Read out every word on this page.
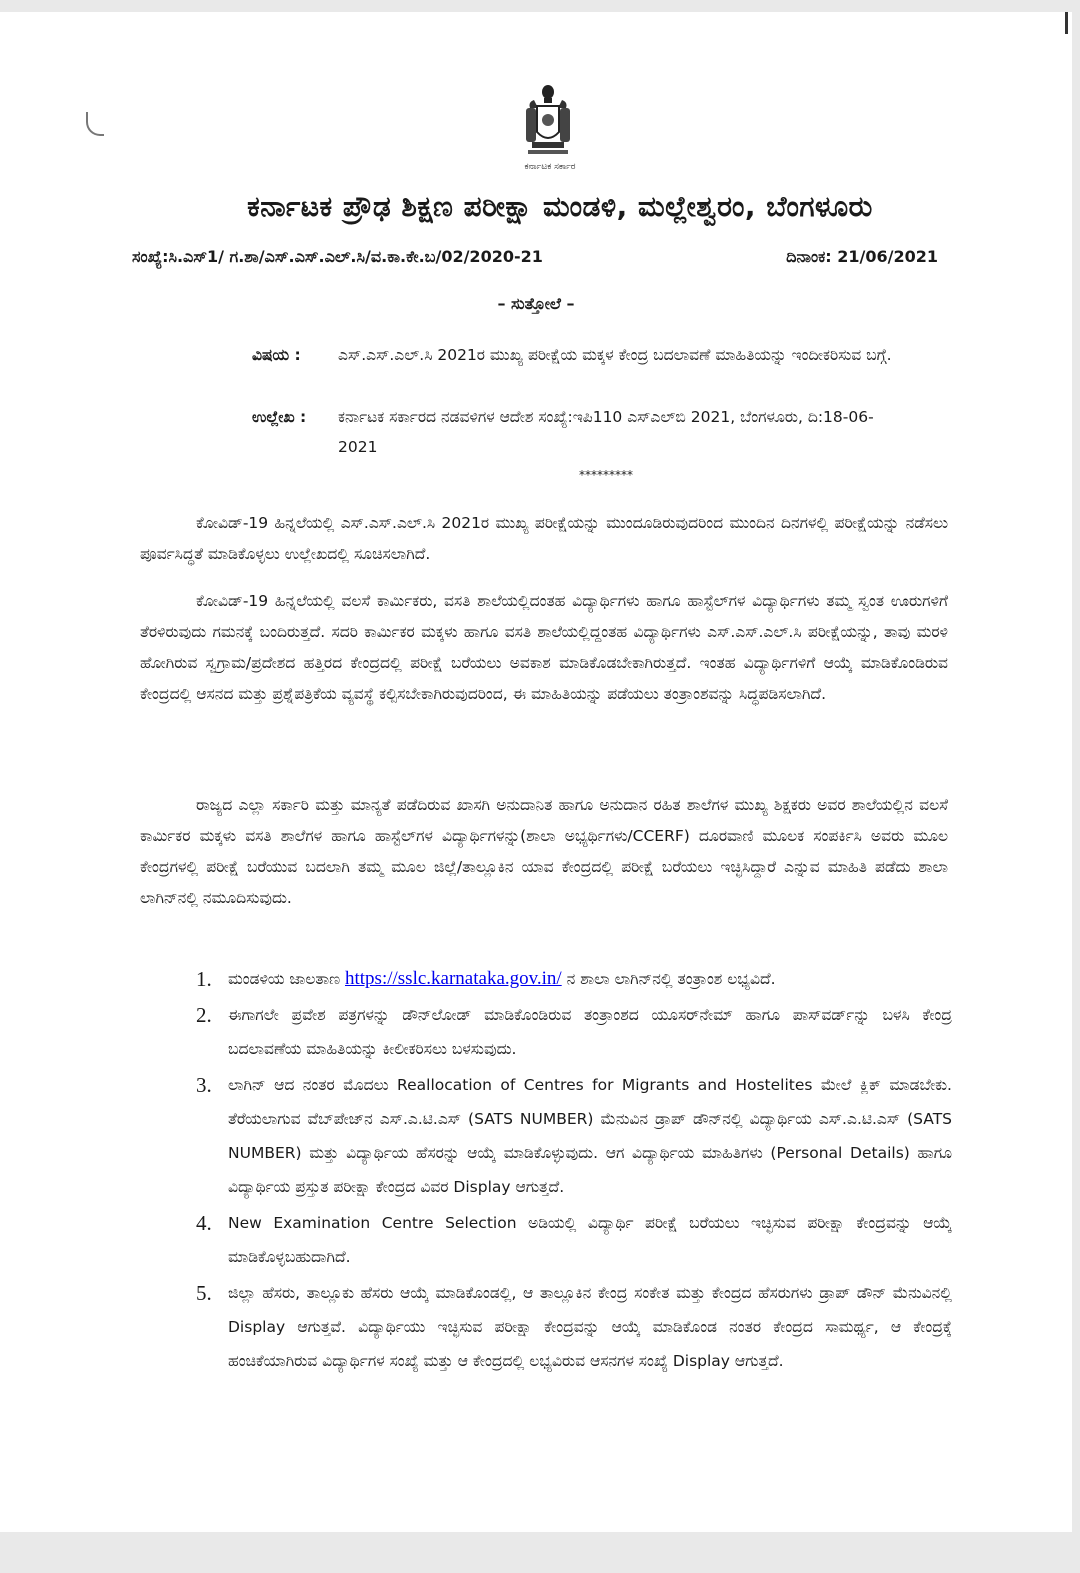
ಕರ್ನಾಟಕ ಸರ್ಕಾರ
ಕರ್ನಾಟಕ ಪ್ರೌಢ ಶಿಕ್ಷಣ ಪರೀಕ್ಷಾ ಮಂಡಳಿ, ಮಲ್ಲೇಶ್ವರಂ, ಬೆಂಗಳೂರು
ಸಂಖ್ಯೆ:ಸಿ.ಎಸ್1/ ಗ.ಶಾ/ಎಸ್.ಎಸ್.ಎಲ್.ಸಿ/ವ.ಕಾ.ಕೇ.ಬ/02/2020-21	ದಿನಾಂಕ: 21/06/2021
– ಸುತ್ತೋಲೆ –
ವಿಷಯ : ಎಸ್.ಎಸ್.ಎಲ್.ಸಿ 2021ರ ಮುಖ್ಯ ಪರೀಕ್ಷೆಯ ಮಕ್ಕಳ ಕೇಂದ್ರ ಬದಲಾವಣೆ ಮಾಹಿತಿಯನ್ನು ಇಂದೀಕರಿಸುವ ಬಗ್ಗೆ.
ಉಲ್ಲೇಖ : ಕರ್ನಾಟಕ ಸರ್ಕಾರದ ನಡವಳಿಗಳ ಆದೇಶ ಸಂಖ್ಯೆ:ಇಪಿ110 ಎಸ್ಎಲ್‌ಬಿ 2021, ಬೆಂಗಳೂರು, ದಿ:18-06-2021
*********

ಕೋವಿಡ್-19 ಹಿನ್ನಲೆಯಲ್ಲಿ ಎಸ್.ಎಸ್.ಎಲ್.ಸಿ 2021ರ ಮುಖ್ಯ ಪರೀಕ್ಷೆಯನ್ನು ಮುಂದೂಡಿರುವುದರಿಂದ ಮುಂದಿನ ದಿನಗಳಲ್ಲಿ ಪರೀಕ್ಷೆಯನ್ನು ನಡೆಸಲು ಪೂರ್ವಸಿದ್ಧತೆ ಮಾಡಿಕೊಳ್ಳಲು ಉಲ್ಲೇಖದಲ್ಲಿ ಸೂಚಿಸಲಾಗಿದೆ.

ಕೋವಿಡ್-19 ಹಿನ್ನಲೆಯಲ್ಲಿ ವಲಸೆ ಕಾರ್ಮಿಕರು, ವಸತಿ ಶಾಲೆಯಲ್ಲಿದಂತಹ ವಿದ್ಯಾರ್ಥಿಗಳು ಹಾಗೂ ಹಾಸ್ಟೆಲ್‌ಗಳ ವಿದ್ಯಾರ್ಥಿಗಳು ತಮ್ಮ ಸ್ವಂತ ಊರುಗಳಿಗೆ ತೆರಳಿರುವುದು ಗಮನಕ್ಕೆ ಬಂದಿರುತ್ತದೆ. ಸದರಿ ಕಾರ್ಮಿಕರ ಮಕ್ಕಳು ಹಾಗೂ ವಸತಿ ಶಾಲೆಯಲ್ಲಿದ್ದಂತಹ ವಿದ್ಯಾರ್ಥಿಗಳು ಎಸ್.ಎಸ್.ಎಲ್.ಸಿ ಪರೀಕ್ಷೆಯನ್ನು, ತಾವು ಮರಳಿ ಹೋಗಿರುವ ಸ್ವಗ್ರಾಮ/ಪ್ರದೇಶದ ಹತ್ತಿರದ ಕೇಂದ್ರದಲ್ಲಿ ಪರೀಕ್ಷೆ ಬರೆಯಲು ಅವಕಾಶ ಮಾಡಿಕೊಡಬೇಕಾಗಿರುತ್ತದೆ. ಇಂತಹ ವಿದ್ಯಾರ್ಥಿಗಳಿಗೆ ಆಯ್ಕೆ ಮಾಡಿಕೊಂಡಿರುವ ಕೇಂದ್ರದಲ್ಲಿ ಆಸನದ ಮತ್ತು ಪ್ರಶ್ನೆಪತ್ರಿಕೆಯ ವ್ಯವಸ್ಥೆ ಕಲ್ಪಿಸಬೇಕಾಗಿರುವುದರಿಂದ, ಈ ಮಾಹಿತಿಯನ್ನು ಪಡೆಯಲು ತಂತ್ರಾಂಶವನ್ನು ಸಿದ್ಧಪಡಿಸಲಾಗಿದೆ.

ರಾಜ್ಯದ ಎಲ್ಲಾ ಸರ್ಕಾರಿ ಮತ್ತು ಮಾನ್ಯತೆ ಪಡೆದಿರುವ ಖಾಸಗಿ ಅನುದಾನಿತ ಹಾಗೂ ಅನುದಾನ ರಹಿತ ಶಾಲೆಗಳ ಮುಖ್ಯ ಶಿಕ್ಷಕರು ಅವರ ಶಾಲೆಯಲ್ಲಿನ ವಲಸೆ ಕಾರ್ಮಿಕರ ಮಕ್ಕಳು ವಸತಿ ಶಾಲೆಗಳ ಹಾಗೂ ಹಾಸ್ಟೆಲ್‌ಗಳ ವಿದ್ಯಾರ್ಥಿಗಳನ್ನು(ಶಾಲಾ ಅಭ್ಯರ್ಥಿಗಳು/CCERF) ದೂರವಾಣಿ ಮೂಲಕ ಸಂಪರ್ಕಿಸಿ ಅವರು ಮೂಲ ಕೇಂದ್ರಗಳಲ್ಲಿ ಪರೀಕ್ಷೆ ಬರೆಯುವ ಬದಲಾಗಿ ತಮ್ಮ ಮೂಲ ಜಿಲ್ಲೆ/ತಾಲ್ಲೂಕಿನ ಯಾವ ಕೇಂದ್ರದಲ್ಲಿ ಪರೀಕ್ಷೆ ಬರೆಯಲು ಇಚ್ಛಿಸಿದ್ದಾರೆ ಎನ್ನುವ ಮಾಹಿತಿ ಪಡೆದು ಶಾಲಾ ಲಾಗಿನ್‌ನಲ್ಲಿ ನಮೂದಿಸುವುದು.

1. ಮಂಡಳಿಯ ಜಾಲತಾಣ https://sslc.karnataka.gov.in/ ನ ಶಾಲಾ ಲಾಗಿನ್‌ನಲ್ಲಿ ತಂತ್ರಾಂಶ ಲಭ್ಯವಿದೆ.
2. ಈಗಾಗಲೇ ಪ್ರವೇಶ ಪತ್ರಗಳನ್ನು ಡೌನ್‌ಲೋಡ್ ಮಾಡಿಕೊಂಡಿರುವ ತಂತ್ರಾಂಶದ ಯೂಸರ್‌ನೇಮ್ ಹಾಗೂ ಪಾಸ್‌ವರ್ಡ್‌ನ್ನು ಬಳಸಿ ಕೇಂದ್ರ ಬದಲಾವಣೆಯ ಮಾಹಿತಿಯನ್ನು ಕೀಲೀಕರಿಸಲು ಬಳಸುವುದು.
3. ಲಾಗಿನ್ ಆದ ನಂತರ ಮೊದಲು Reallocation of Centres for Migrants and Hostelites ಮೇಲೆ ಕ್ಲಿಕ್ ಮಾಡಬೇಕು. ತೆರೆಯಲಾಗುವ ವೆಬ್‌ಪೇಜ್‌ನ ಎಸ್.ಎ.ಟಿ.ಎಸ್ (SATS NUMBER) ಮೆನುವಿನ ಡ್ರಾಪ್ ಡೌನ್‌ನಲ್ಲಿ ವಿದ್ಯಾರ್ಥಿಯ ಎಸ್.ಎ.ಟಿ.ಎಸ್ (SATS NUMBER) ಮತ್ತು ವಿದ್ಯಾರ್ಥಿಯ ಹೆಸರನ್ನು ಆಯ್ಕೆ ಮಾಡಿಕೊಳ್ಳುವುದು. ಆಗ ವಿದ್ಯಾರ್ಥಿಯ ಮಾಹಿತಿಗಳು (Personal Details) ಹಾಗೂ ವಿದ್ಯಾರ್ಥಿಯ ಪ್ರಸ್ತುತ ಪರೀಕ್ಷಾ ಕೇಂದ್ರದ ವಿವರ Display ಆಗುತ್ತದೆ.
4. New Examination Centre Selection ಅಡಿಯಲ್ಲಿ ವಿದ್ಯಾರ್ಥಿ ಪರೀಕ್ಷೆ ಬರೆಯಲು ಇಚ್ಛಿಸುವ ಪರೀಕ್ಷಾ ಕೇಂದ್ರವನ್ನು ಆಯ್ಕೆ ಮಾಡಿಕೊಳ್ಳಬಹುದಾಗಿದೆ.
5. ಜಿಲ್ಲಾ ಹೆಸರು, ತಾಲ್ಲೂಕು ಹೆಸರು ಆಯ್ಕೆ ಮಾಡಿಕೊಂಡಲ್ಲಿ, ಆ ತಾಲ್ಲೂಕಿನ ಕೇಂದ್ರ ಸಂಕೇತ ಮತ್ತು ಕೇಂದ್ರದ ಹೆಸರುಗಳು ಡ್ರಾಪ್ ಡೌನ್ ಮೆನುವಿನಲ್ಲಿ Display ಆಗುತ್ತವೆ. ವಿದ್ಯಾರ್ಥಿಯು ಇಚ್ಛಿಸುವ ಪರೀಕ್ಷಾ ಕೇಂದ್ರವನ್ನು ಆಯ್ಕೆ ಮಾಡಿಕೊಂಡ ನಂತರ ಕೇಂದ್ರದ ಸಾಮರ್ಥ್ಯ, ಆ ಕೇಂದ್ರಕ್ಕೆ ಹಂಚಿಕೆಯಾಗಿರುವ ವಿದ್ಯಾರ್ಥಿಗಳ ಸಂಖ್ಯೆ ಮತ್ತು ಆ ಕೇಂದ್ರದಲ್ಲಿ ಲಭ್ಯವಿರುವ ಆಸನಗಳ ಸಂಖ್ಯೆ Display ಆಗುತ್ತದೆ.
